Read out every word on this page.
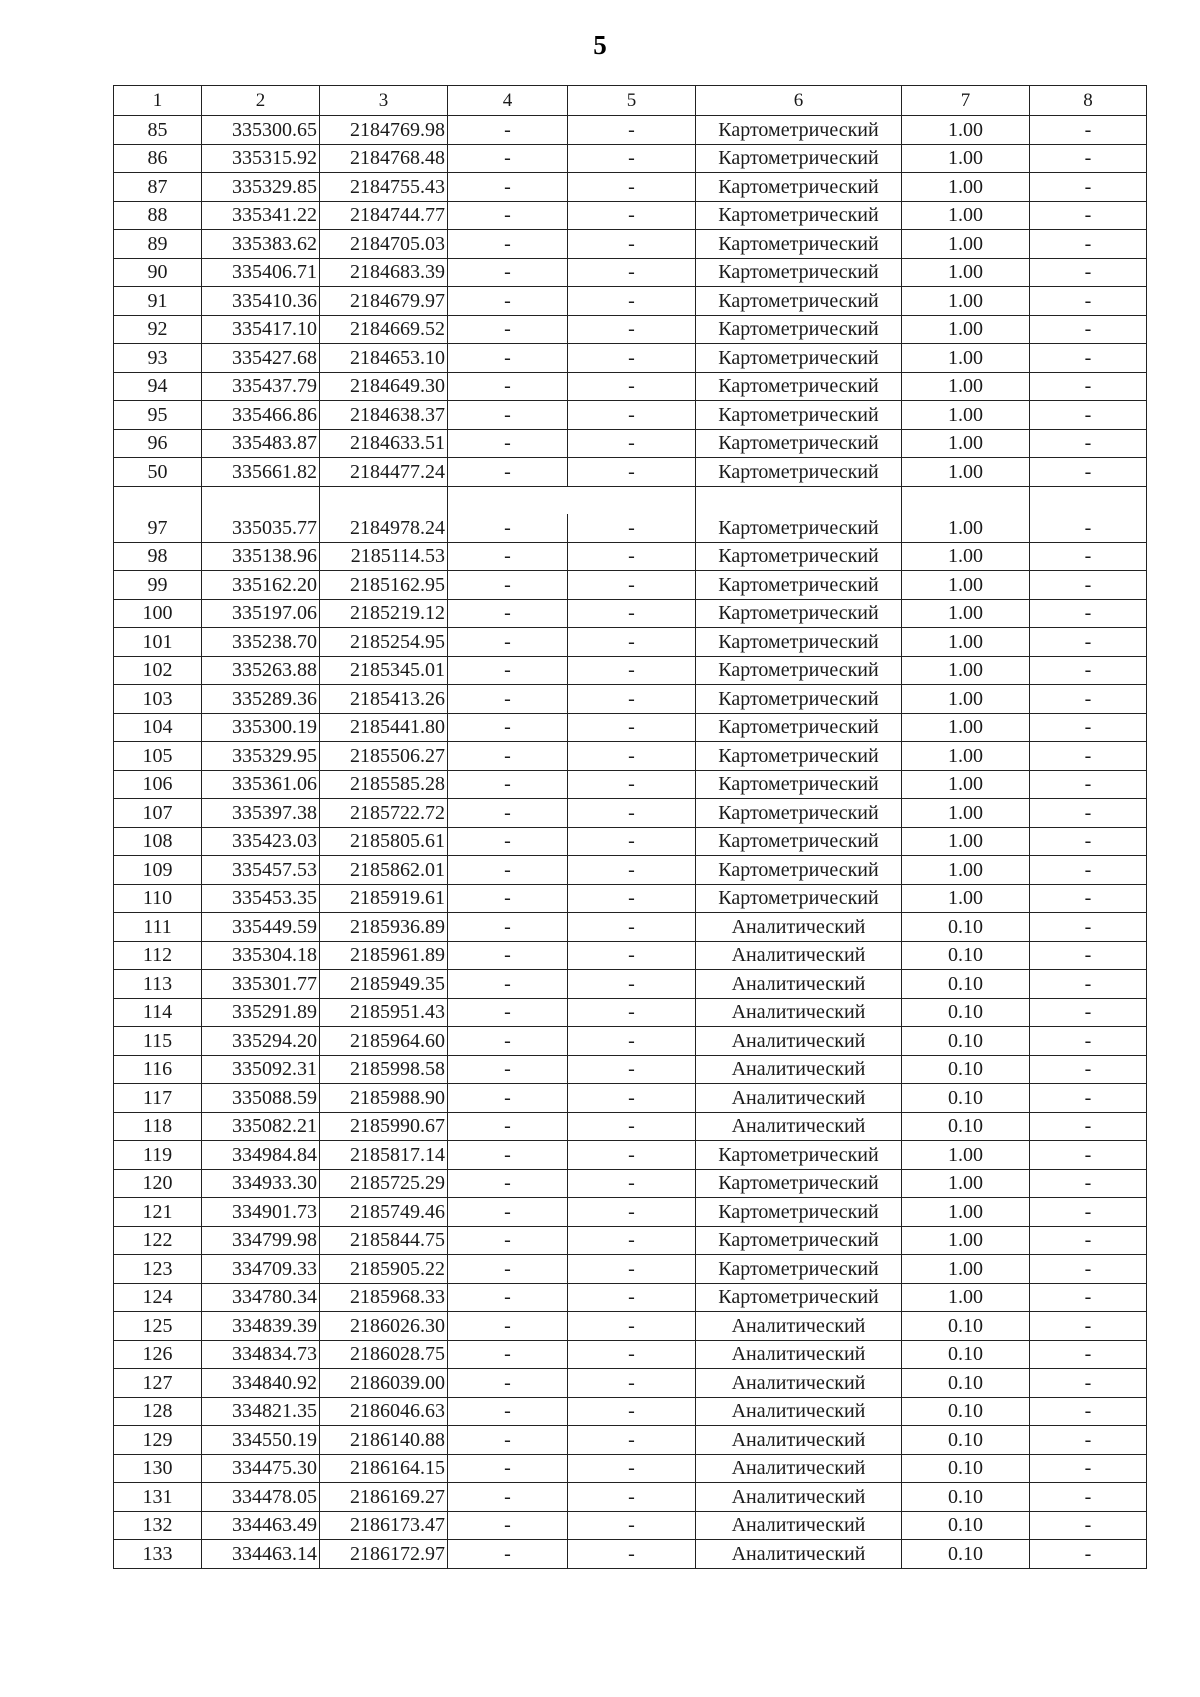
5
1	2	3	4	5	6	7	8
85	335300.65	2184769.98	-	-	Картометрический	1.00	-
86	335315.92	2184768.48	-	-	Картометрический	1.00	-
87	335329.85	2184755.43	-	-	Картометрический	1.00	-
88	335341.22	2184744.77	-	-	Картометрический	1.00	-
89	335383.62	2184705.03	-	-	Картометрический	1.00	-
90	335406.71	2184683.39	-	-	Картометрический	1.00	-
91	335410.36	2184679.97	-	-	Картометрический	1.00	-
92	335417.10	2184669.52	-	-	Картометрический	1.00	-
93	335427.68	2184653.10	-	-	Картометрический	1.00	-
94	335437.79	2184649.30	-	-	Картометрический	1.00	-
95	335466.86	2184638.37	-	-	Картометрический	1.00	-
96	335483.87	2184633.51	-	-	Картометрический	1.00	-
50	335661.82	2184477.24	-	-	Картометрический	1.00	-

97	335035.77	2184978.24	-	-	Картометрический	1.00	-
98	335138.96	2185114.53	-	-	Картометрический	1.00	-
99	335162.20	2185162.95	-	-	Картометрический	1.00	-
100	335197.06	2185219.12	-	-	Картометрический	1.00	-
101	335238.70	2185254.95	-	-	Картометрический	1.00	-
102	335263.88	2185345.01	-	-	Картометрический	1.00	-
103	335289.36	2185413.26	-	-	Картометрический	1.00	-
104	335300.19	2185441.80	-	-	Картометрический	1.00	-
105	335329.95	2185506.27	-	-	Картометрический	1.00	-
106	335361.06	2185585.28	-	-	Картометрический	1.00	-
107	335397.38	2185722.72	-	-	Картометрический	1.00	-
108	335423.03	2185805.61	-	-	Картометрический	1.00	-
109	335457.53	2185862.01	-	-	Картометрический	1.00	-
110	335453.35	2185919.61	-	-	Картометрический	1.00	-
111	335449.59	2185936.89	-	-	Аналитический	0.10	-
112	335304.18	2185961.89	-	-	Аналитический	0.10	-
113	335301.77	2185949.35	-	-	Аналитический	0.10	-
114	335291.89	2185951.43	-	-	Аналитический	0.10	-
115	335294.20	2185964.60	-	-	Аналитический	0.10	-
116	335092.31	2185998.58	-	-	Аналитический	0.10	-
117	335088.59	2185988.90	-	-	Аналитический	0.10	-
118	335082.21	2185990.67	-	-	Аналитический	0.10	-
119	334984.84	2185817.14	-	-	Картометрический	1.00	-
120	334933.30	2185725.29	-	-	Картометрический	1.00	-
121	334901.73	2185749.46	-	-	Картометрический	1.00	-
122	334799.98	2185844.75	-	-	Картометрический	1.00	-
123	334709.33	2185905.22	-	-	Картометрический	1.00	-
124	334780.34	2185968.33	-	-	Картометрический	1.00	-
125	334839.39	2186026.30	-	-	Аналитический	0.10	-
126	334834.73	2186028.75	-	-	Аналитический	0.10	-
127	334840.92	2186039.00	-	-	Аналитический	0.10	-
128	334821.35	2186046.63	-	-	Аналитический	0.10	-
129	334550.19	2186140.88	-	-	Аналитический	0.10	-
130	334475.30	2186164.15	-	-	Аналитический	0.10	-
131	334478.05	2186169.27	-	-	Аналитический	0.10	-
132	334463.49	2186173.47	-	-	Аналитический	0.10	-
133	334463.14	2186172.97	-	-	Аналитический	0.10	-
